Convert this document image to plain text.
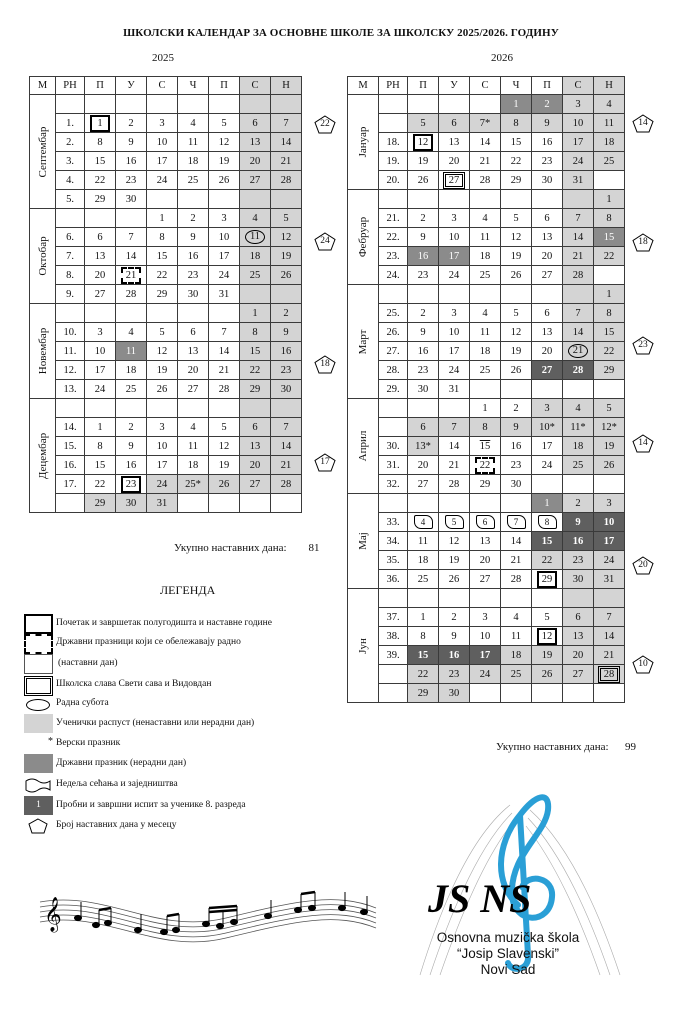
ШКОЛСКИ КАЛЕНДАР ЗА ОСНОВНЕ ШКОЛЕ ЗА ШКОЛСКУ 2025/2026. ГОДИНУ
2025	2026
М	РН	П	У	С	Ч	П	С	Н

Септембар								

	1.	1	2	3	4	5	6	7
	2.	8	9	10	11	12	13	14
	3.	15	16	17	18	19	20	21
	4.	22	23	24	25	26	27	28
	5.	29	30					

Октобар				1	2	3	4	5
	6.	6	7	8	9	10	11	12
	7.	13	14	15	16	17	18	19
	8.	20	21	22	23	24	25	26
	9.	27	28	29	30	31		

Новембар							1	2
	10.	3	4	5	6	7	8	9
	11.	10	11	12	13	14	15	16
	12.	17	18	19	20	21	22	23
	13.	24	25	26	27	28	29	30

Децембар								

	14.	1	2	3	4	5	6	7
	15.	8	9	10	11	12	13	14
	16.	15	16	17	18	19	20	21
	17.	22	23	24	25*	26	27	28
		29	30	31				
М	РН	П	У	С	Ч	П	С	Н

Јануар					1	2	3	4
		5	6	7*	8	9	10	11
	18.	12	13	14	15	16	17	18
	19.	19	20	21	22	23	24	25
	20.	26	27	28	29	30	31	

Фебруар								1
	21.	2	3	4	5	6	7	8
	22.	9	10	11	12	13	14	15
	23.	16	17	18	19	20	21	22
	24.	23	24	25	26	27	28	

Март								1
	25.	2	3	4	5	6	7	8
	26.	9	10	11	12	13	14	15
	27.	16	17	18	19	20	21	22
	28.	23	24	25	26	27	28	29
	29.	30	31					

Април				1	2	3	4	5
		6	7	8	9	10*	11*	12*
	30.	13*	14	15	16	17	18	19
	31.	20	21	22	23	24	25	26
	32.	27	28	29	30			

Мај						1	2	3
	33.	4	5	6	7	8	9	10
	34.	11	12	13	14	15	16	17
	35.	18	19	20	21	22	23	24
	36.	25	26	27	28	29	30	31

Јун								

	37.	1	2	3	4	5	6	7
	38.	8	9	10	11	12	13	14
	39.	15	16	17	18	19	20	21
		22	23	24	25	26	27	28
		29	30					
22
24
18
17
14
18
23
14
20
10
Укупно наставних дана: 81
Укупно наставних дана: 99
ЛЕГЕНДА
Почетак и завршетак полугодишта и наставне године
Државни празници који се обележавају радно
(наставни дан)
Школска слава Свети сава и Видовдан
Радна субота
Ученички распуст (ненаставни или нерадни дан)
* Верски празник
Државни празник (нерадни дан)
Недеља сећања и заједништва
1	Пробни и завршни испит за ученике 8. разреда
Број наставних дана у месецу
𝄞	JS NS
Osnovna muzička škola
“Josip Slavenski”
Novi Sad
